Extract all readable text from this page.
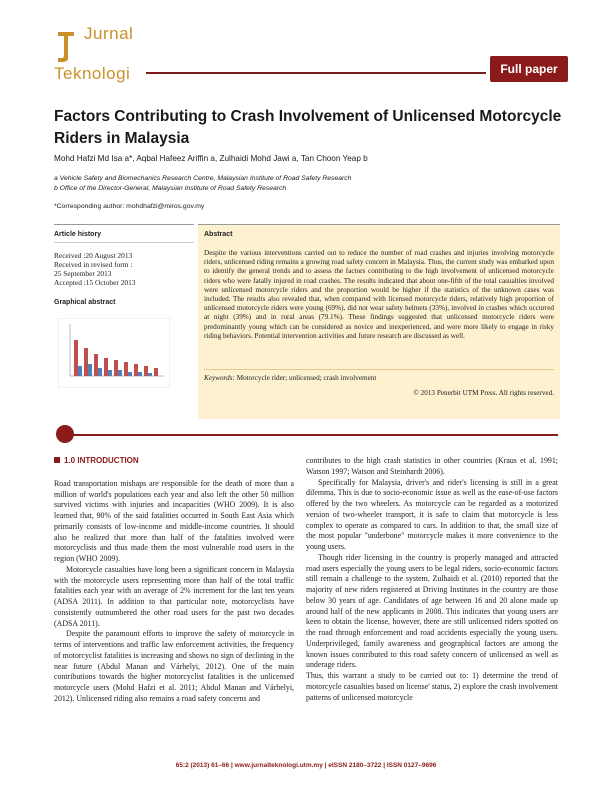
Jurnal
Teknologi	Full paper
Factors Contributing to Crash Involvement of Unlicensed Motorcycle Riders in Malaysia
Mohd Hafzi Md Isa a*, Aqbal Hafeez Ariffin a, Zulhaidi Mohd Jawi a, Tan Choon Yeap b
a Vehicle Safety and Biomechanics Research Centre, Malaysian Institute of Road Safety Research
b Office of the Director-General, Malaysian Institute of Road Safety Research
*Corresponding author: mohdhafzi@miros.gov.my
Article history
Received :20 August 2013
Received in revised form :
25 September 2013
Accepted :15 October 2013
Graphical abstract
Abstract
Despite the various interventions carried out to reduce the number of road crashes and injuries involving motorcycle riders, unlicensed riding remains a growing road safety concern in Malaysia. Thus, the current study was embarked upon to identify the general trends and to assess the factors contributing to the high involvement of unlicensed motorcycle riders who were fatally injured in road crashes. The results indicated that about one-fifth of the total casualties involved were unlicensed motorcycle riders and the proportion would be higher if the statistics of the unknown cases was included. The results also revealed that, when compared with licensed motorcycle riders, relatively high proportion of unlicensed motorcycle riders were young (69%), did not wear safety helmets (33%), involved in crashes which occurred at night (39%) and in rural areas (79.1%). These findings suggested that unlicensed motorcycle riders were predominantly young which can be considered as novice and inexperienced, and were more likely to engage in risky riding behaviors. Potential intervention activities and future research are discussed as well.
Keywords: Motorcycle rider; unlicensed; crash involvement
© 2013 Penerbit UTM Press. All rights reserved.

1.0 INTRODUCTION

Road transportation mishaps are responsible for the death of more than a million of world's populations each year and also left the other 50 million survived victims with injuries and incapacities (WHO 2009). It is also learned that, 90% of the said fatalities occurred in South East Asia which primarily consists of low-income and middle-income countries. It should also be realized that more than half of the fatalities involved were motorcyclists and thus made them the most vulnerable road users in the region (WHO 2009).

Motorcycle casualties have long been a significant concern in Malaysia with the motorcycle users representing more than half of the total traffic fatalities each year with an average of 2% increment for the last ten years (ADSA 2011). In addition to that particular note, motorcyclists have consistently outnumbered the other road users for the past two decades (ADSA 2011).

Despite the paramount efforts to improve the safety of motorcycle in terms of interventions and traffic law enforcement activities, the frequency of motorcyclist fatalities is increasing and shows no sign of declining in the near future (Abdul Manan and Várhelyi, 2012). One of the main contributions towards the higher motorcyclist fatalities is the unlicensed motorcycle users (Mohd Hafzi et al. 2011; Abdul Manan and Várhelyi, 2012). Unlicensed riding also remains a road safety concerns and

contributes to the high crash statistics in other countries (Kraus et al. 1991; Watson 1997; Watson and Steinhardt 2006).

Specifically for Malaysia, driver's and rider's licensing is still in a great dilemma. This is due to socio-economic issue as well as the ease-of-use factors offered by the two wheelers. As motorcycle can be regarded as a motorized version of two-wheeler transport, it is safe to claim that motorcycle is less complex to operate as compared to cars. In addition to that, the small size of the most popular "underbone" motorcycle makes it more convenience to the young users.

Though rider licensing in the country is properly managed and attracted road users especially the young users to be legal riders, socio-economic factors still remain a challenge to the system. Zulhaidi et al. (2010) reported that the majority of new riders registered at Driving Institutes in the country are those below 30 years of age. Candidates of age between 16 and 20 alone made up around half of the new applicants in 2008. This indicates that young users are keen to obtain the license, however, there are still unlicensed riders spotted on the road through enforcement and road accidents especially the young users. Underprivileged, family awareness and geographical factors are among the known issues contributed to this road safety concern of unlicensed as well as underage riders.

Thus, this warrant a study to be carried out to: 1) determine the trend of motorcycle casualties based on license' status, 2) explore the crash involvement patterns of unlicensed motorcycle

65:2 (2013) 61–66 | www.jurnalteknologi.utm.my | eISSN 2180–3722 | ISSN 0127–9696
